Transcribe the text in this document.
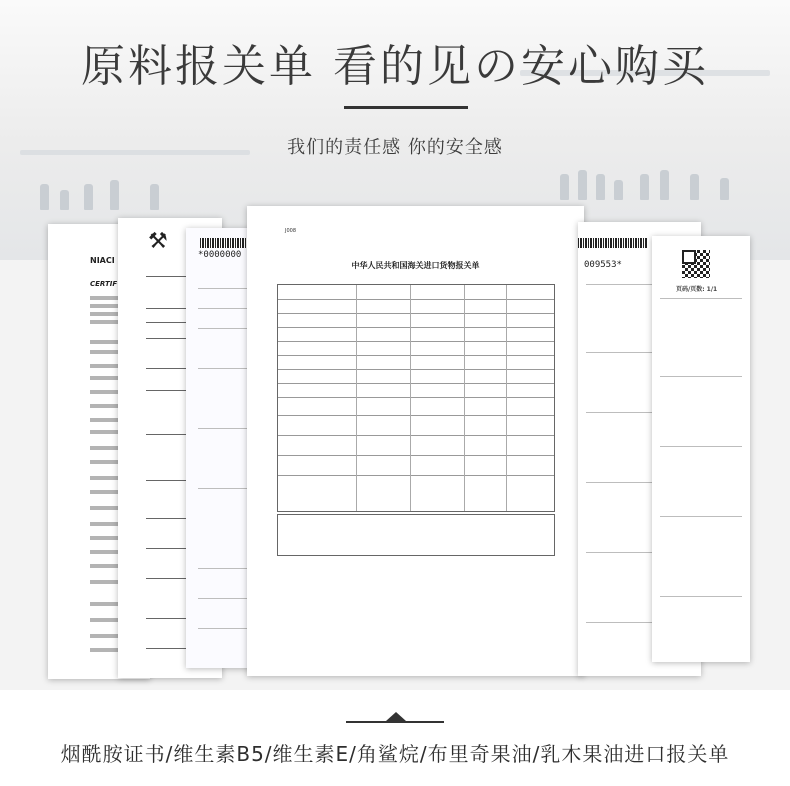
原料报关单 看的见の安心购买
我们的责任感 你的安全感
NIACI
CERTIF
⚒
*0000000
J008
中华人民共和国海关进口货物报关单	009553*
页码/页数: 1/1
烟酰胺证书/维生素B5/维生素E/角鲨烷/布里奇果油/乳木果油进口报关单
